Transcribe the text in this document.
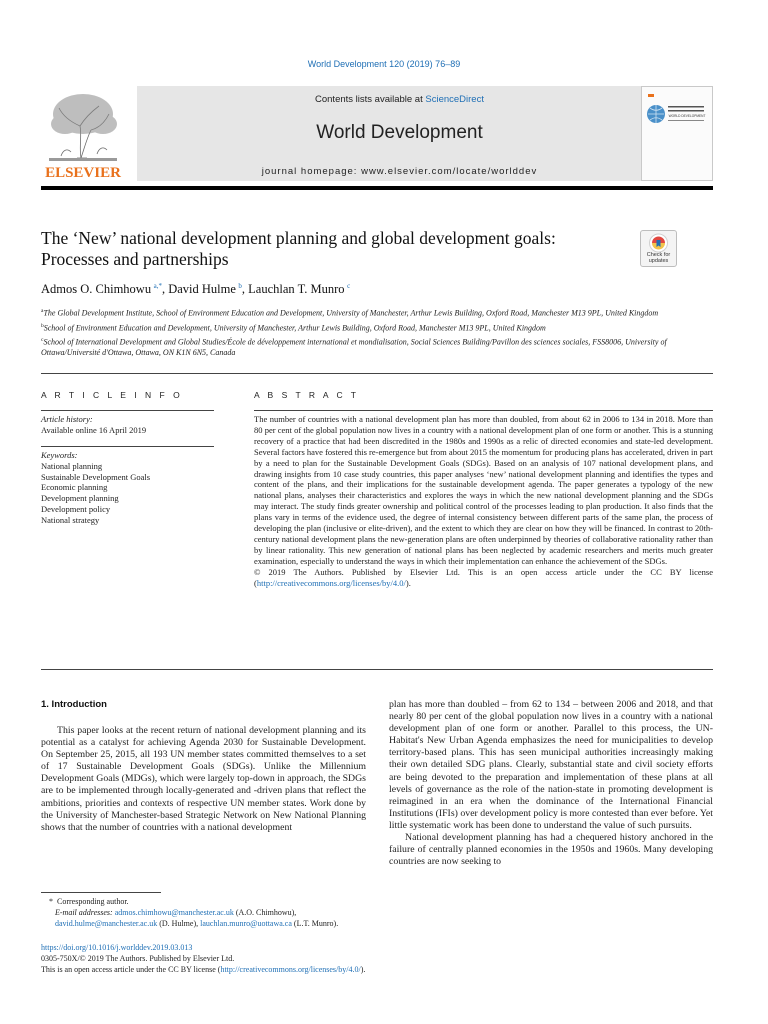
World Development 120 (2019) 76–89
ELSEVIER
Contents lists available at ScienceDirect
World Development
journal homepage: www.elsevier.com/locate/worlddev
WORLD DEVELOPMENT
The ‘New’ national development planning and global development goals:
Processes and partnerships	Check for
updates
Admos O. Chimhowu  $^{a,*}$, David Hulme  $^b$, Lauchlan T. Munro  $^c$
$^a$The Global Development Institute, School of Environment Education and Development, University of Manchester, Arthur Lewis Building, Oxford Road, Manchester M13 9PL, United Kingdom
$^b$School of Environment Education and Development, University of Manchester, Arthur Lewis Building, Oxford Road, Manchester M13 9PL, United Kingdom
$^c$School of International Development and Global Studies/École de développement international et mondialisation, Social Sciences Building/Pavillon des sciences sociales, FSS8006, University of Ottawa/Université d'Ottawa, Ottawa, ON K1N 6N5, Canada
A R T I C L E I N F O	A B S T R A C T
Article history:
Available online 16 April 2019
Keywords:
National planning
Sustainable Development Goals
Economic planning
Development planning
Development policy
National strategy

The number of countries with a national development plan has more than doubled, from about 62 in 2006 to 134 in 2018. More than 80 per cent of the global population now lives in a country with a national development plan of one form or another. This is a stunning recovery of a practice that had been discredited in the 1980s and 1990s as a relic of directed economies and state-led development. Several factors have fostered this re-emergence but from about 2015 the momentum for producing plans has accelerated, driven in part by a need to plan for the Sustainable Development Goals (SDGs). Based on an analysis of 107 national development plans, and drawing insights from 10 case study countries, this paper analyses ‘new’ national development planning and identifies the types and content of the plans, and their implications for the sustainable development agenda. The paper generates a typology of the new national plans, analyses their characteristics and explores the ways in which the new national development planning and the SDGs may interact. The study finds greater ownership and political control of the processes leading to plan production. It also finds that the plans vary in terms of the evidence used, the degree of internal consistency between different parts of the same plan, the process of developing the plan (inclusive or elite-driven), and the extent to which they are clear on how they will be financed. In contrast to 20th-century national development plans the new-generation plans are often underpinned by theories of collaborative rationality rather than by linear rationality. This new generation of national plans has been neglected by academic researchers and merits much greater examination, especially to understand the ways in which their implementation can enhance the achievement of the SDGs.

© 2019 The Authors. Published by Elsevier Ltd. This is an open access article under the CC BY license (http://creativecommons.org/licenses/by/4.0/).

1. Introduction

This paper looks at the recent return of national development planning and its potential as a catalyst for achieving Agenda 2030 for Sustainable Development. On September 25, 2015, all 193 UN member states committed themselves to a set of 17 Sustainable Development Goals (SDGs). Unlike the Millennium Development Goals (MDGs), which were largely top-down in approach, the SDGs are to be implemented through locally-generated and -driven plans that reflect the ambitions, priorities and contexts of respective UN member states. Work done by the University of Manchester-based Strategic Network on New National Planning shows that the number of countries with a national development

plan has more than doubled – from 62 to 134 – between 2006 and 2018, and that nearly 80 per cent of the global population now lives in a country with a national development plan of one form or another. Parallel to this process, the UN-Habitat's New Urban Agenda emphasizes the need for municipalities to develop territory-based plans. This has seen municipal authorities increasingly making their own detailed SDG plans. Clearly, substantial state and civil society efforts are being devoted to the preparation and implementation of these plans at all levels of governance as the role of the nation-state in promoting development is reimagined in an era when the dominance of the International Financial Institutions (IFIs) over development policy is more contested than ever before. Yet little systematic work has been done to understand the value of such pursuits.

National development planning has had a chequered history anchored in the failure of centrally planned economies in the 1950s and 1960s. Many developing countries are now seeking to

*  Corresponding author.
E-mail addresses: admos.chimhowu@manchester.ac.uk (A.O. Chimhowu), david.hulme@manchester.ac.uk (D. Hulme), lauchlan.munro@uottawa.ca (L.T. Munro).
https://doi.org/10.1016/j.worlddev.2019.03.013
0305-750X/© 2019 The Authors. Published by Elsevier Ltd.
This is an open access article under the CC BY license (http://creativecommons.org/licenses/by/4.0/).
